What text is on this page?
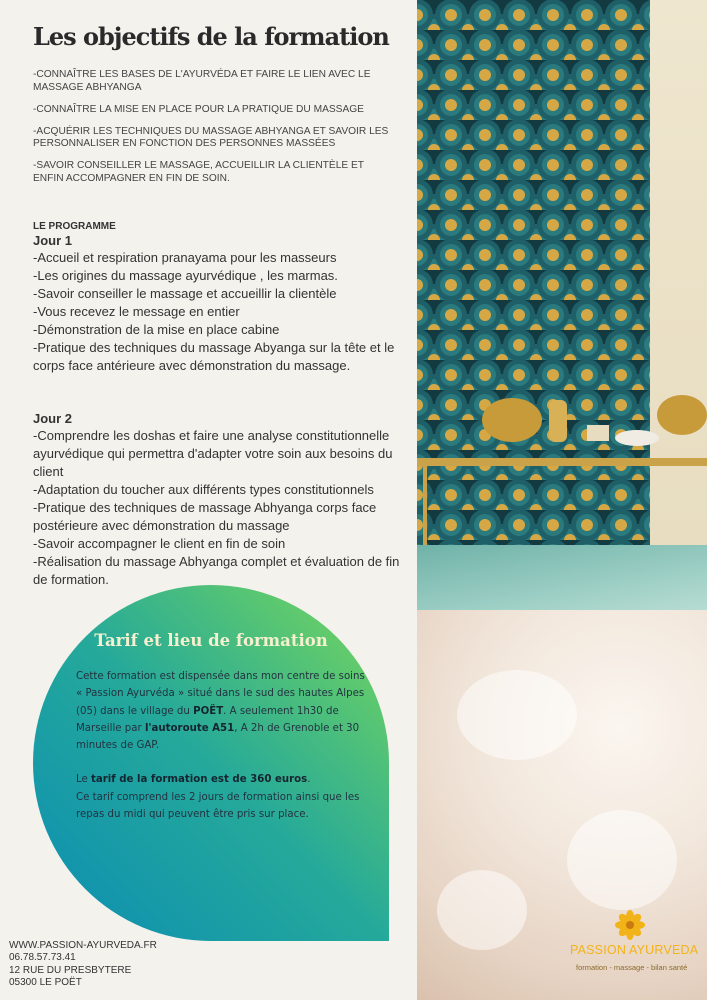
Les objectifs de la formation
-CONNAÎTRE LES BASES DE L'AYURVÉDA ET FAIRE LE LIEN AVEC LE MASSAGE ABHYANGA
-CONNAÎTRE LA MISE EN PLACE POUR LA PRATIQUE DU MASSAGE
-ACQUÉRIR LES TECHNIQUES DU MASSAGE ABHYANGA ET SAVOIR LES PERSONNALISER EN FONCTION DES PERSONNES MASSÉES
-SAVOIR CONSEILLER LE MASSAGE, ACCUEILLIR LA CLIENTÈLE ET ENFIN ACCOMPAGNER EN FIN DE SOIN.
LE PROGRAMME
Jour 1
-Accueil et respiration pranayama pour les masseurs
-Les origines du massage ayurvédique , les marmas.
-Savoir conseiller le massage et accueillir la clientèle
-Vous recevez le message en entier
-Démonstration de la mise en place cabine
-Pratique des techniques du massage Abyanga sur la tête et le corps face antérieure avec démonstration du massage.
Jour 2
-Comprendre les doshas et faire une analyse constitutionnelle ayurvédique qui permettra d'adapter votre soin aux besoins du client
-Adaptation du toucher aux différents types constitutionnels
-Pratique des techniques de massage Abhyanga corps face postérieure avec démonstration du massage
-Savoir accompagner le client en fin de soin
-Réalisation du massage Abhyanga complet et évaluation de fin de formation.
Tarif et lieu de formation

Cette formation est dispensée dans mon centre de soins « Passion Ayurvéda » situé dans le sud des hautes Alpes (05) dans le village du POËT. A seulement 1h30 de Marseille par l'autoroute A51, A 2h de Grenoble et 30 minutes de GAP.

Le tarif de la formation est de 360 euros.

Ce tarif comprend les 2 jours de formation ainsi que les repas du midi qui peuvent être pris sur place.

WWW.PASSION-AYURVEDA.FR
06.78.57.73.41
12 RUE DU PRESBYTERE
05300 LE POËT
PASSION AYURVEDA
formation - massage - bilan santé
